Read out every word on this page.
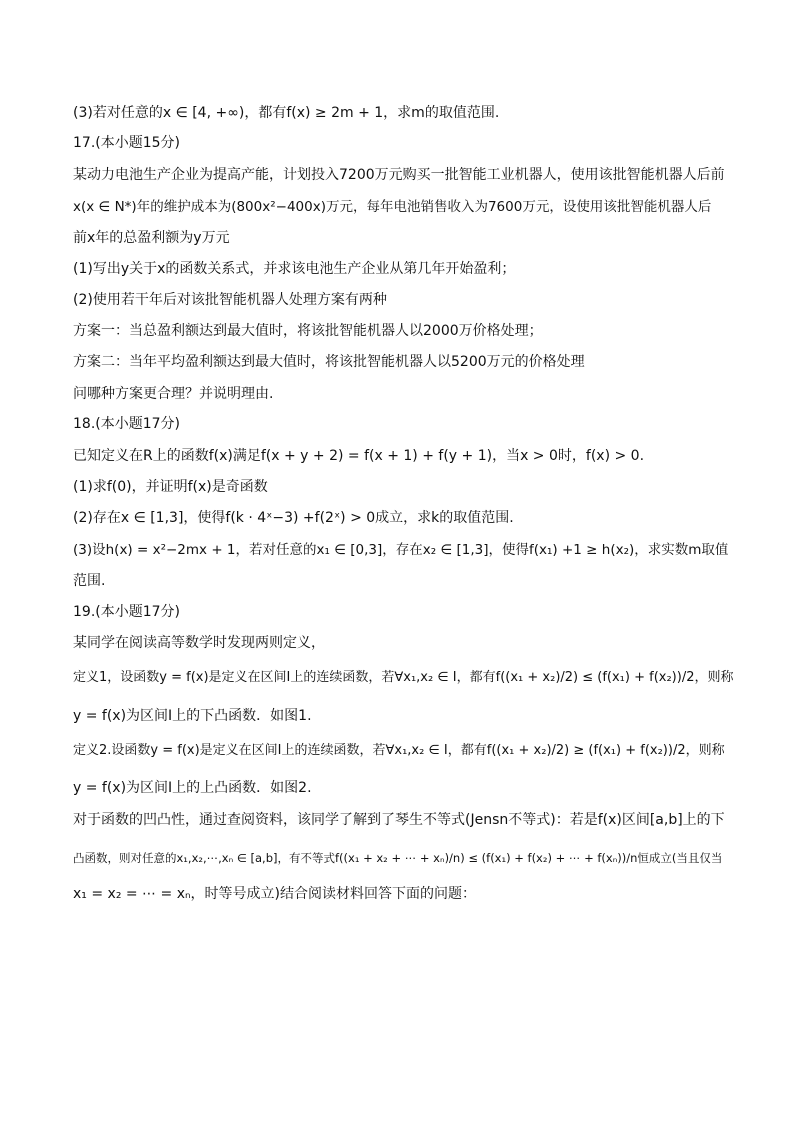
(3)若对任意的x ∈ [4, +∞)，都有f(x) ≥ 2m + 1，求m的取值范围.
17.(本小题15分)
某动力电池生产企业为提高产能，计划投入7200万元购买一批智能工业机器人，使用该批智能机器人后前
x(x ∈ N*)年的维护成本为(800x²−400x)万元，每年电池销售收入为7600万元，设使用该批智能机器人后
前x年的总盈利额为y万元
(1)写出y关于x的函数关系式，并求该电池生产企业从第几年开始盈利；
(2)使用若干年后对该批智能机器人处理方案有两种
方案一：当总盈利额达到最大值时，将该批智能机器人以2000万价格处理；
方案二：当年平均盈利额达到最大值时，将该批智能机器人以5200万元的价格处理
问哪种方案更合理？并说明理由.
18.(本小题17分)
已知定义在R上的函数f(x)满足f(x + y + 2) = f(x + 1) + f(y + 1)，当x > 0时，f(x) > 0.
(1)求f(0)，并证明f(x)是奇函数
(2)存在x ∈ [1,3]，使得f(k · 4ˣ−3) +f(2ˣ) > 0成立，求k的取值范围.
(3)设h(x) = x²−2mx + 1，若对任意的x₁ ∈ [0,3]，存在x₂ ∈ [1,3]，使得f(x₁) +1 ≥ h(x₂)，求实数m取值
范围.
19.(本小题17分)
某同学在阅读高等数学时发现两则定义，
定义1，设函数y = f(x)是定义在区间I上的连续函数，若∀x₁,x₂ ∈ I，都有f((x₁ + x₂)/2) ≤ (f(x₁) + f(x₂))/2，则称
y = f(x)为区间I上的下凸函数．如图1.
定义2.设函数y = f(x)是定义在区间I上的连续函数，若∀x₁,x₂ ∈ I，都有f((x₁ + x₂)/2) ≥ (f(x₁) + f(x₂))/2，则称
y = f(x)为区间I上的上凸函数．如图2.
对于函数的凹凸性，通过查阅资料，该同学了解到了琴生不等式(Jensn不等式)：若是f(x)区间[a,b]上的下
凸函数，则对任意的x₁,x₂,⋯,xₙ ∈ [a,b]，有不等式f((x₁ + x₂ + ⋯ + xₙ)/n) ≤ (f(x₁) + f(x₂) + ⋯ + f(xₙ))/n恒成立(当且仅当
x₁ = x₂ = ⋯ = xₙ，时等号成立)结合阅读材料回答下面的问题：
